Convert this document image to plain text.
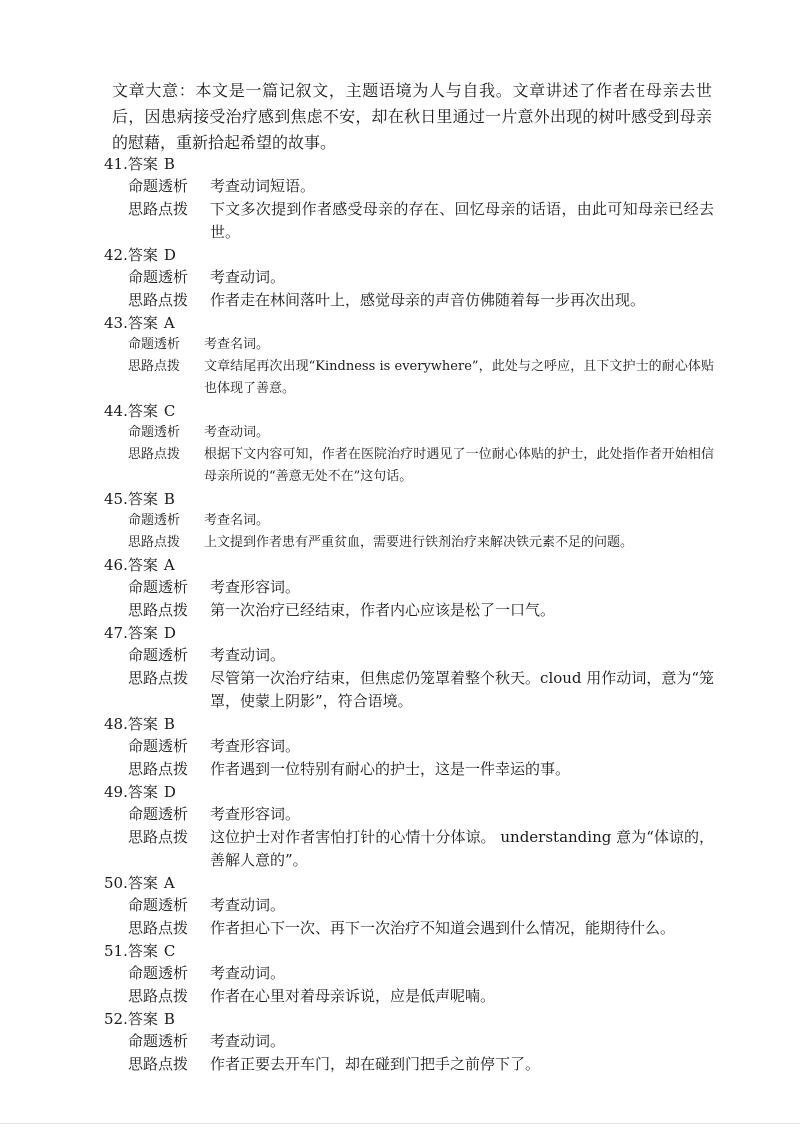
文章大意：本文是一篇记叙文，主题语境为人与自我。文章讲述了作者在母亲去世后，因患病接受治疗感到焦虑不安，却在秋日里通过一片意外出现的树叶感受到母亲的慰藉，重新拾起希望的故事。
41.答案 B
命题透析	考查动词短语。
思路点拨	下文多次提到作者感受母亲的存在、回忆母亲的话语，由此可知母亲已经去世。
42.答案 D
命题透析	考查动词。
思路点拨	作者走在林间落叶上，感觉母亲的声音仿佛随着每一步再次出现。
43.答案 A
命题透析	考查名词。
思路点拨	文章结尾再次出现“Kindness is everywhere”，此处与之呼应，且下文护士的耐心体贴也体现了善意。
44.答案 C
命题透析	考查动词。
思路点拨	根据下文内容可知，作者在医院治疗时遇见了一位耐心体贴的护士，此处指作者开始相信母亲所说的“善意无处不在”这句话。
45.答案 B
命题透析	考查名词。
思路点拨	上文提到作者患有严重贫血，需要进行铁剂治疗来解决铁元素不足的问题。
46.答案 A
命题透析	考查形容词。
思路点拨	第一次治疗已经结束，作者内心应该是松了一口气。
47.答案 D
命题透析	考查动词。
思路点拨	尽管第一次治疗结束，但焦虑仍笼罩着整个秋天。cloud 用作动词，意为“笼罩，使蒙上阴影”，符合语境。
48.答案 B
命题透析	考查形容词。
思路点拨	作者遇到一位特别有耐心的护士，这是一件幸运的事。
49.答案 D
命题透析	考查形容词。
思路点拨	这位护士对作者害怕打针的心情十分体谅。 understanding 意为“体谅的，善解人意的”。
50.答案 A
命题透析	考查动词。
思路点拨	作者担心下一次、再下一次治疗不知道会遇到什么情况，能期待什么。
51.答案 C
命题透析	考查动词。
思路点拨	作者在心里对着母亲诉说，应是低声呢喃。
52.答案 B
命题透析	考查动词。
思路点拨	作者正要去开车门，却在碰到门把手之前停下了。
